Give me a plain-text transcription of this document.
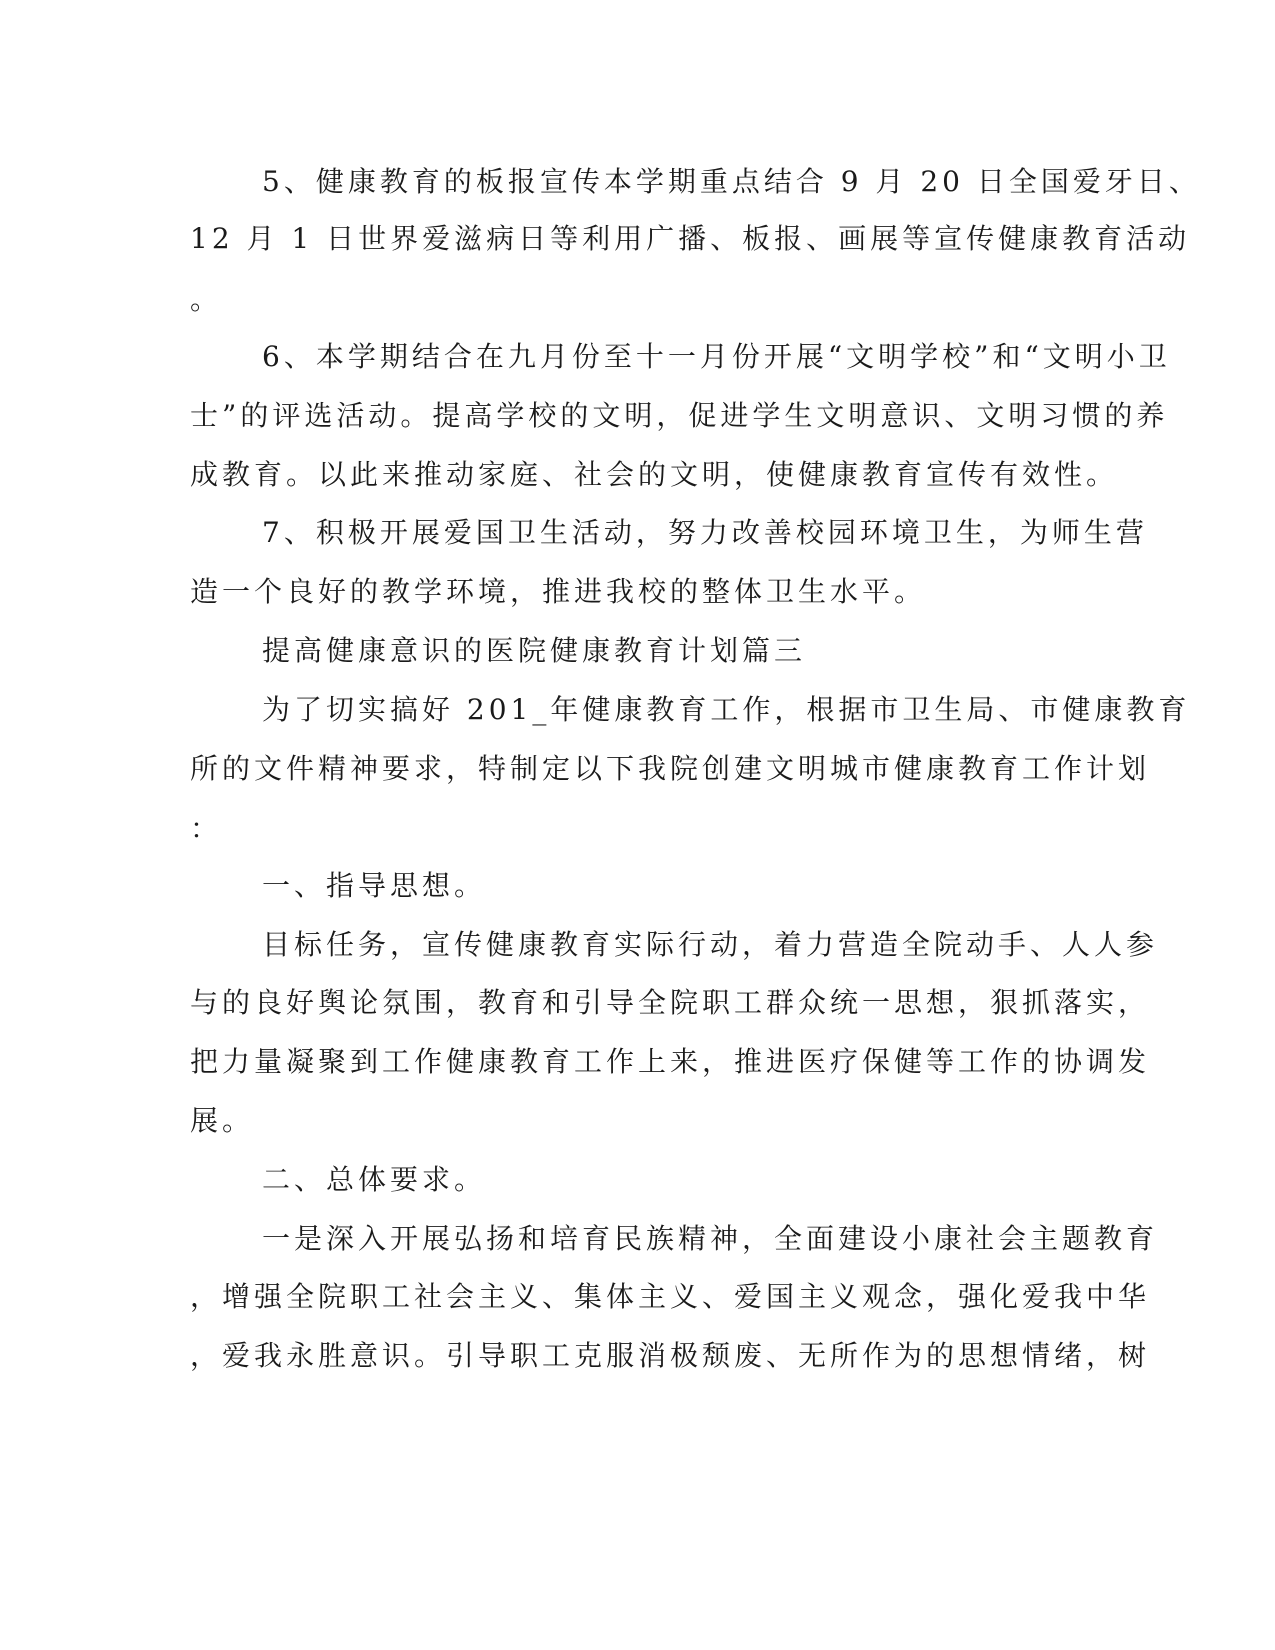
5、健康教育的板报宣传本学期重点结合 9 月 20 日全国爱牙日、
12 月 1 日世界爱滋病日等利用广播、板报、画展等宣传健康教育活动
。
6、本学期结合在九月份至十一月份开展“文明学校”和“文明小卫
士”的评选活动。提高学校的文明，促进学生文明意识、文明习惯的养
成教育。以此来推动家庭、社会的文明，使健康教育宣传有效性。
7、积极开展爱国卫生活动，努力改善校园环境卫生，为师生营
造一个良好的教学环境，推进我校的整体卫生水平。
提高健康意识的医院健康教育计划篇三
为了切实搞好 201_年健康教育工作，根据市卫生局、市健康教育
所的文件精神要求，特制定以下我院创建文明城市健康教育工作计划
：
一、指导思想。
目标任务，宣传健康教育实际行动，着力营造全院动手、人人参
与的良好舆论氛围，教育和引导全院职工群众统一思想，狠抓落实，
把力量凝聚到工作健康教育工作上来，推进医疗保健等工作的协调发
展。
二、总体要求。
一是深入开展弘扬和培育民族精神，全面建设小康社会主题教育
，增强全院职工社会主义、集体主义、爱国主义观念，强化爱我中华
，爱我永胜意识。引导职工克服消极颓废、无所作为的思想情绪，树
